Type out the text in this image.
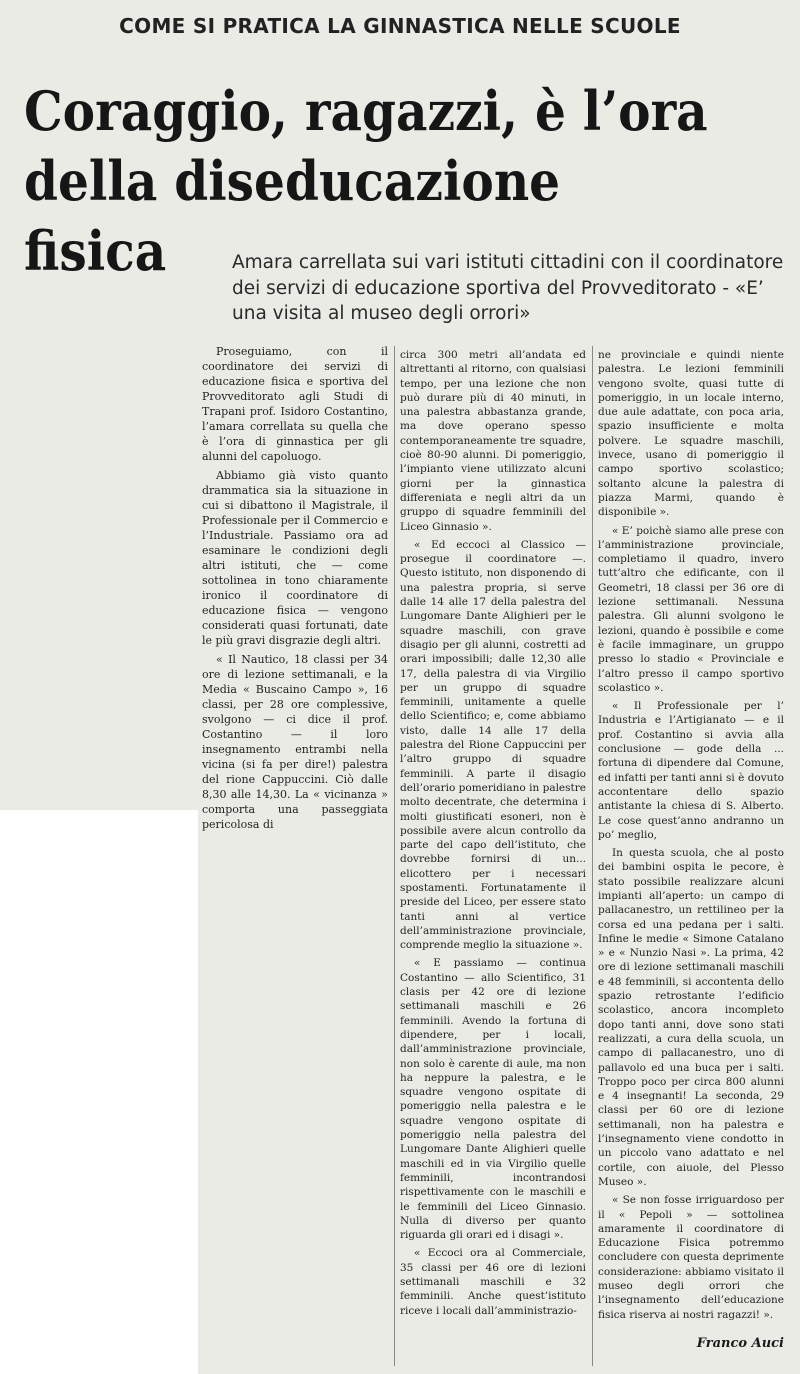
COME SI PRATICA LA GINNASTICA NELLE SCUOLE
Coraggio, ragazzi, è l’ora
della diseducazione fisica	Amara carrellata sui vari istituti cittadini con il coordinatore dei servizi di educazione sportiva del Provveditorato - «E’ una visita al museo degli orrori»

Proseguiamo, con il coordinatore dei servizi di educazione fisica e sportiva del Provveditorato agli Studi di Trapani prof. Isidoro Costantino, l’amara correllata su quella che è l’ora di ginnastica per gli alunni del capoluogo.

Abbiamo già visto quanto drammatica sia la situazione in cui si dibattono il Magistrale, il Professionale per il Commercio e l’Industriale. Passiamo ora ad esaminare le condizioni degli altri istituti, che — come sottolinea in tono chiaramente ironico il coordinatore di educazione fisica — vengono considerati quasi fortunati, date le più gravi disgrazie degli altri.

« Il Nautico, 18 classi per 34 ore di lezione settimanali, e la Media « Buscaino Campo », 16 classi, per 28 ore complessive, svolgono — ci dice il prof. Costantino — il loro insegnamento entrambi nella vicina (si fa per dire!) palestra del rione Cappuccini. Ciò dalle 8,30 alle 14,30. La « vicinanza » comporta una passeggiata pericolosa di

circa 300 metri all’andata ed altrettanti al ritorno, con qualsiasi tempo, per una lezione che non può durare più di 40 minuti, in una palestra abbastanza grande, ma dove operano spesso contemporaneamente tre squadre, cioè 80-90 alunni. Di pomeriggio, l’impianto viene utilizzato alcuni giorni per la ginnastica differeniata e negli altri da un gruppo di squadre femminili del Liceo Ginnasio ».

« Ed eccoci al Classico — prosegue il coordinatore —. Questo istituto, non disponendo di una palestra propria, si serve dalle 14 alle 17 della palestra del Lungomare Dante Alighieri per le squadre maschili, con grave disagio per gli alunni, costretti ad orari impossibili; dalle 12,30 alle 17, della palestra di via Virgilio per un gruppo di squadre femminili, unitamente a quelle dello Scientifico; e, come abbiamo visto, dalle 14 alle 17 della palestra del Rione Cappuccini per l’altro gruppo di squadre femminili. A parte il disagio dell’orario pomeridiano in palestre molto decentrate, che determina i molti giustificati esoneri, non è possibile avere alcun controllo da parte del capo dell’istituto, che dovrebbe fornirsi di un... elicottero per i necessari spostamenti. Fortunatamente il preside del Liceo, per essere stato tanti anni al vertice dell’amministrazione provinciale, comprende meglio la situazione ».

« E passiamo — continua Costantino — allo Scientifico, 31 clasis per 42 ore di lezione settimanali maschili e 26 femminili. Avendo la fortuna di dipendere, per i locali, dall’amministrazione provinciale, non solo è carente di aule, ma non ha neppure la palestra, e le squadre vengono ospitate di pomeriggio nella palestra e le squadre vengono ospitate di pomeriggio nella palestra del Lungomare Dante Alighieri quelle maschili ed in via Virgilio quelle femminili, incontrandosi rispettivamente con le maschili e le femminili del Liceo Ginnasio. Nulla di diverso per quanto riguarda gli orari ed i disagi ».

« Eccoci ora al Commerciale, 35 classi per 46 ore di lezioni settimanali maschili e 32 femminili. Anche quest’istituto riceve i locali dall’amministrazio-

ne provinciale e quindi niente palestra. Le lezioni femminili vengono svolte, quasi tutte di pomeriggio, in un locale interno, due aule adattate, con poca aria, spazio insufficiente e molta polvere. Le squadre maschili, invece, usano di pomeriggio il campo sportivo scolastico; soltanto alcune la palestra di piazza Marmi, quando è disponibile ».

« E’ poichè siamo alle prese con l’amministrazione provinciale, completiamo il quadro, invero tutt’altro che edificante, con il Geometri, 18 classi per 36 ore di lezione settimanali. Nessuna palestra. Gli alunni svolgono le lezioni, quando è possibile e come è facile immaginare, un gruppo presso lo stadio « Provinciale e l’altro presso il campo sportivo scolastico ».

« Il Professionale per l’ Industria e l’Artigianato — e il prof. Costantino si avvia alla conclusione — gode della ... fortuna di dipendere dal Comune, ed infatti per tanti anni si è dovuto accontentare dello spazio antistante la chiesa di S. Alberto. Le cose quest’anno andranno un po’ meglio,

In questa scuola, che al posto dei bambini ospita le pecore, è stato possibile realizzare alcuni impianti all’aperto: un campo di pallacanestro, un rettilineo per la corsa ed una pedana per i salti. Infine le medie « Simone Catalano » e « Nunzio Nasi ». La prima, 42 ore di lezione settimanali maschili e 48 femminili, si accontenta dello spazio retrostante l’edificio scolastico, ancora incompleto dopo tanti anni, dove sono stati realizzati, a cura della scuola, un campo di pallacanestro, uno di pallavolo ed una buca per i salti. Troppo poco per circa 800 alunni e 4 insegnanti! La seconda, 29 classi per 60 ore di lezione settimanali, non ha palestra e l’insegnamento viene condotto in un piccolo vano adattato e nel cortile, con aiuole, del Plesso Museo ».

« Se non fosse irriguardoso per il « Pepoli » — sottolinea amaramente il coordinatore di Educazione Fisica potremmo concludere con questa deprimente considerazione: abbiamo visitato il museo degli orrori che l’insegnamento dell’educazione fisica riserva ai nostri ragazzi! ».

Franco Auci
